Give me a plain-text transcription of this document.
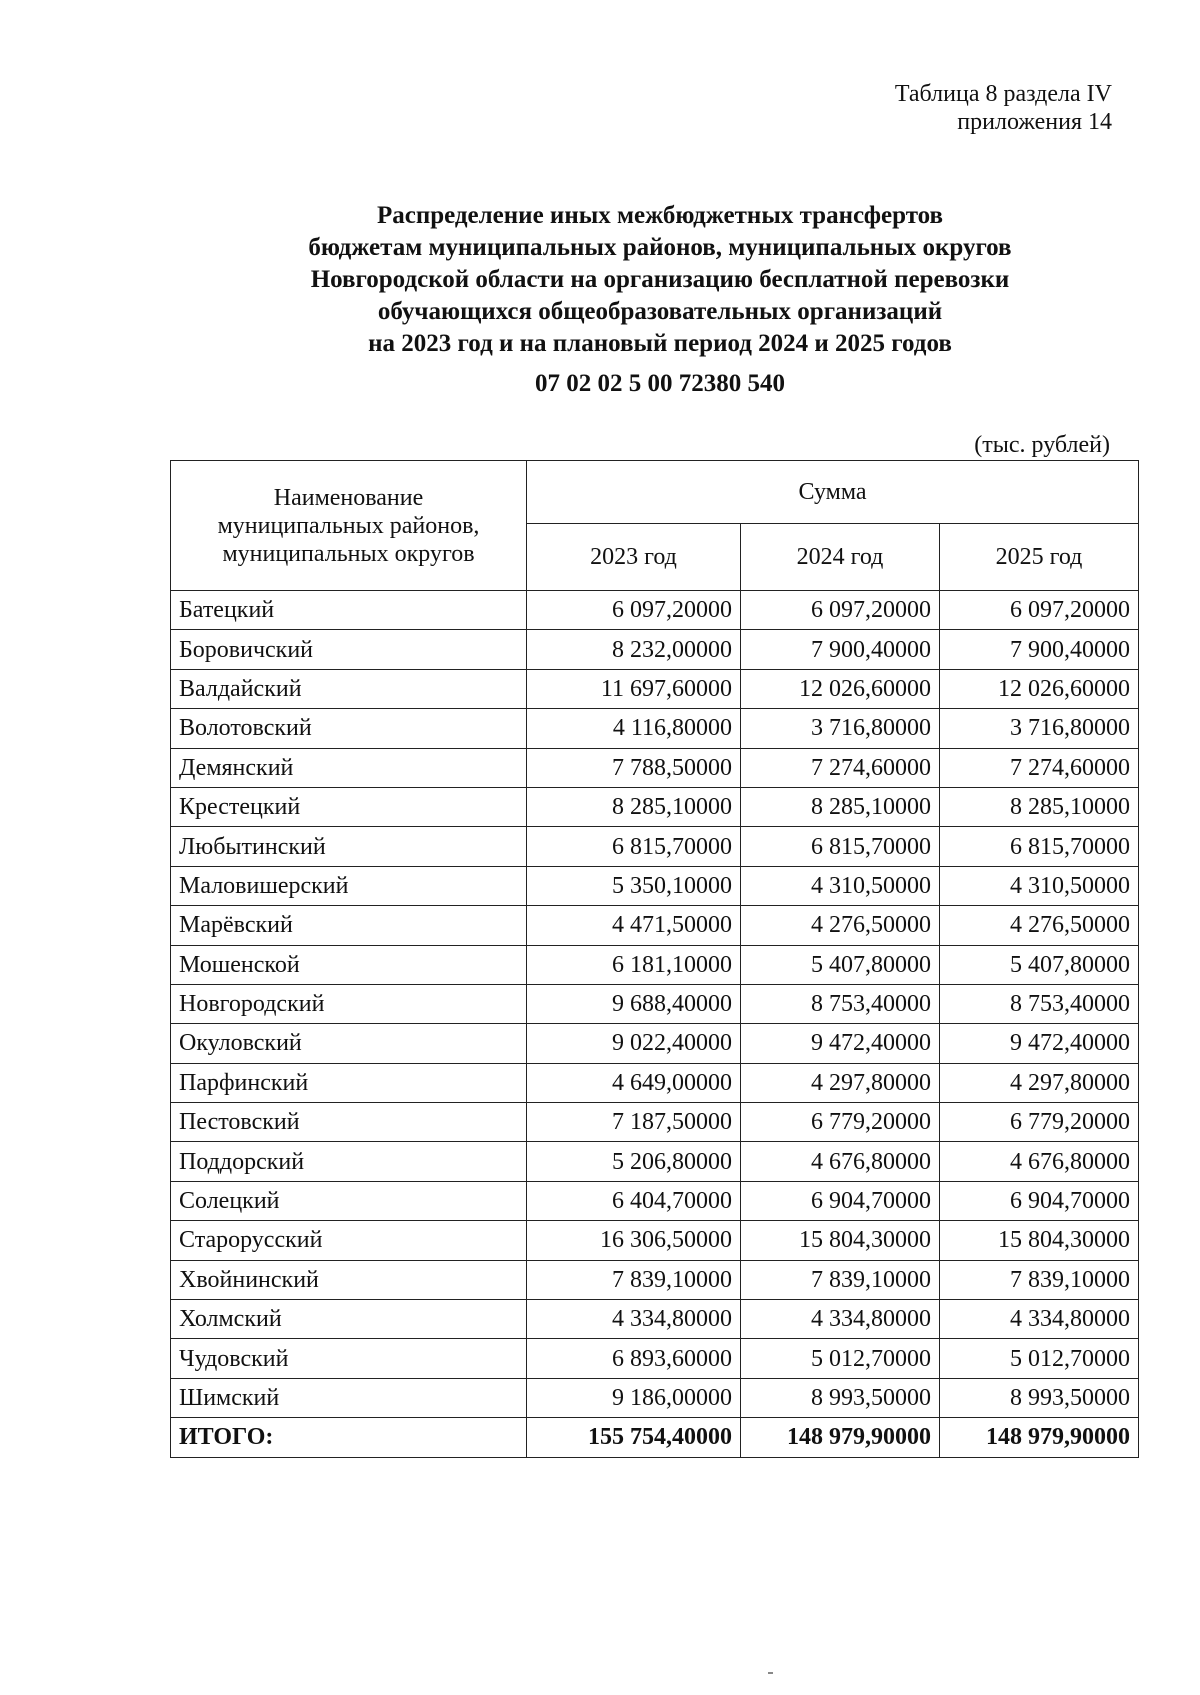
Таблица 8 раздела IV
приложения 14
Распределение иных межбюджетных трансфертов
бюджетам муниципальных районов, муниципальных округов
Новгородской области на организацию бесплатной перевозки
обучающихся общеобразовательных организаций
на 2023 год и на плановый период 2024 и 2025 годов
07 02 02 5 00 72380 540
(тыс. рублей)
Наименование
муниципальных районов,
муниципальных округов	Сумма		
	2023 год	2024 год	2025 год
Батецкий	6 097,20000	6 097,20000	6 097,20000
Боровичский	8 232,00000	7 900,40000	7 900,40000
Валдайский	11 697,60000	12 026,60000	12 026,60000
Волотовский	4 116,80000	3 716,80000	3 716,80000
Демянский	7 788,50000	7 274,60000	7 274,60000
Крестецкий	8 285,10000	8 285,10000	8 285,10000
Любытинский	6 815,70000	6 815,70000	6 815,70000
Маловишерский	5 350,10000	4 310,50000	4 310,50000
Марёвский	4 471,50000	4 276,50000	4 276,50000
Мошенской	6 181,10000	5 407,80000	5 407,80000
Новгородский	9 688,40000	8 753,40000	8 753,40000
Окуловский	9 022,40000	9 472,40000	9 472,40000
Парфинский	4 649,00000	4 297,80000	4 297,80000
Пестовский	7 187,50000	6 779,20000	6 779,20000
Поддорский	5 206,80000	4 676,80000	4 676,80000
Солецкий	6 404,70000	6 904,70000	6 904,70000
Старорусский	16 306,50000	15 804,30000	15 804,30000
Хвойнинский	7 839,10000	7 839,10000	7 839,10000
Холмский	4 334,80000	4 334,80000	4 334,80000
Чудовский	6 893,60000	5 012,70000	5 012,70000
Шимский	9 186,00000	8 993,50000	8 993,50000
ИТОГО:	155 754,40000	148 979,90000	148 979,90000
